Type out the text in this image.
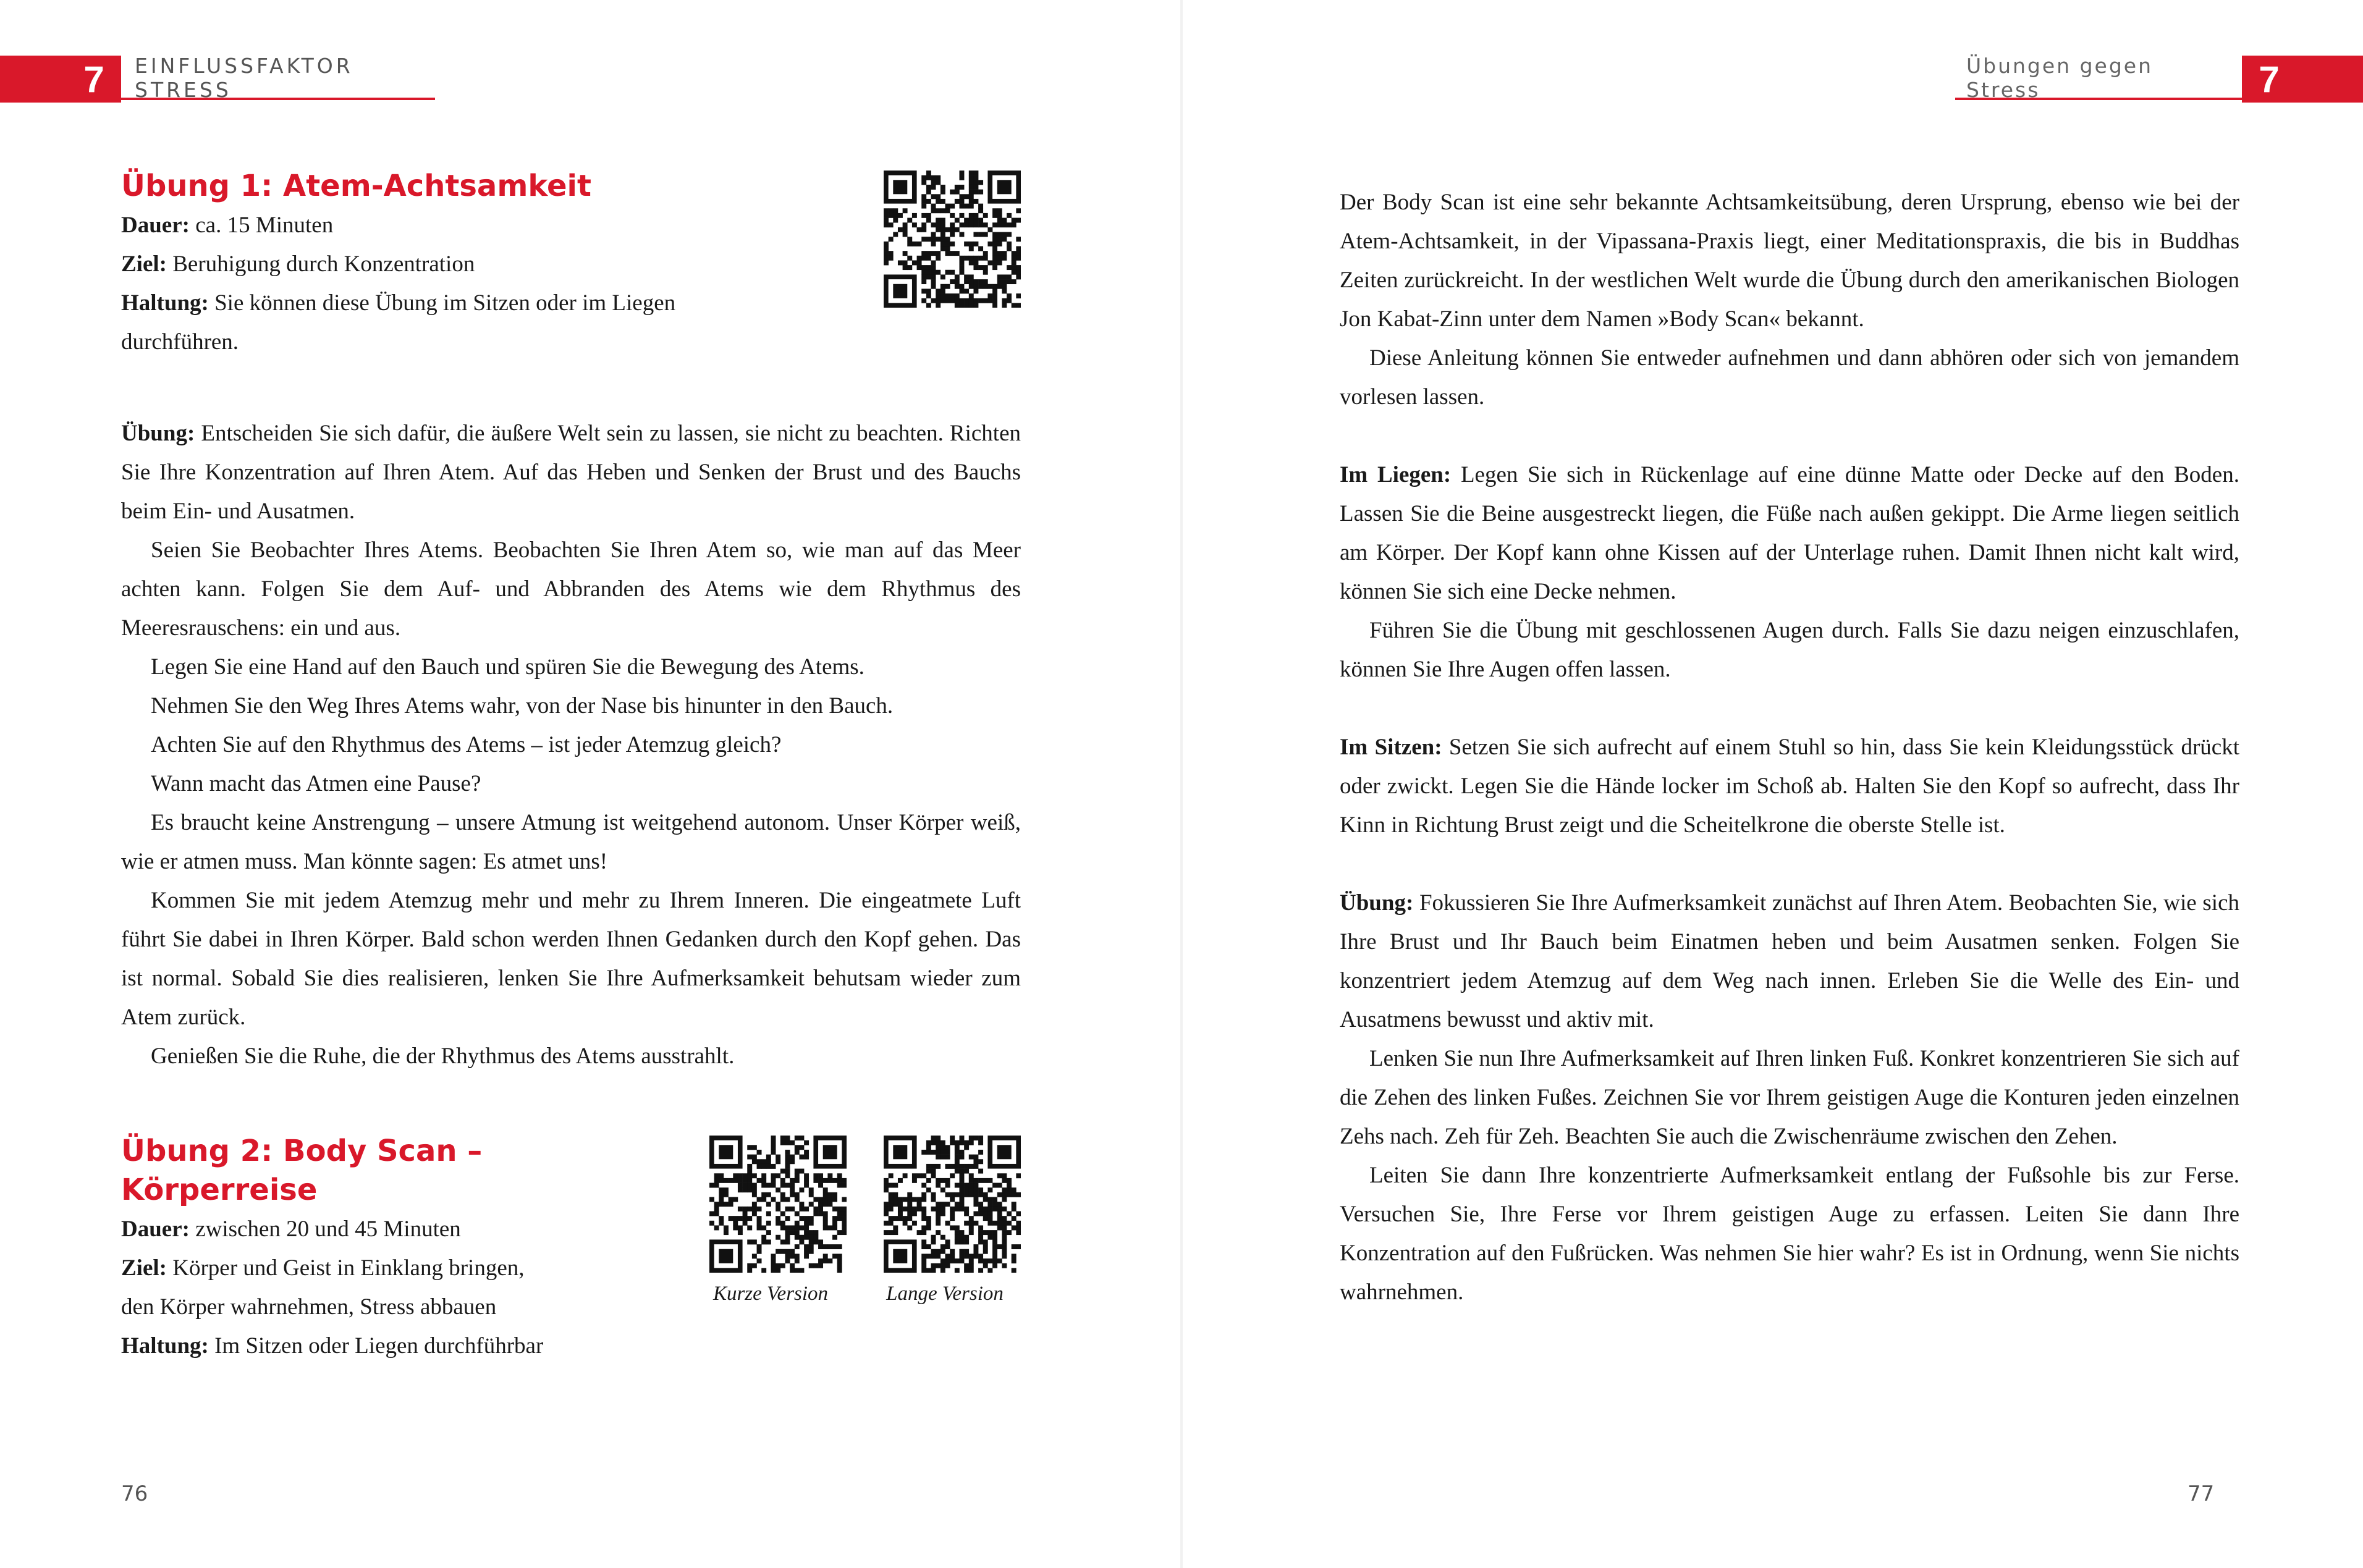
7	EINFLUSSFAKTOR STRESS
Übung 1: Atem-Achtsamkeit

Dauer: ca. 15 Minuten

Ziel: Beruhigung durch Konzentration

Haltung: Sie können diese Übung im Sitzen oder im Liegen

durchführen.

Übung: Entscheiden Sie sich dafür, die äußere Welt sein zu lassen, sie nicht zu beachten. Richten Sie Ihre Konzentration auf Ihren Atem. Auf das Heben und Senken der Brust und des Bauchs beim Ein- und Ausatmen.

Seien Sie Beobachter Ihres Atems. Beobachten Sie Ihren Atem so, wie man auf das Meer achten kann. Folgen Sie dem Auf- und Abbranden des Atems wie dem Rhythmus des Meeresrauschens: ein und aus.

Legen Sie eine Hand auf den Bauch und spüren Sie die Bewegung des Atems.

Nehmen Sie den Weg Ihres Atems wahr, von der Nase bis hinunter in den Bauch.

Achten Sie auf den Rhythmus des Atems – ist jeder Atemzug gleich?

Wann macht das Atmen eine Pause?

Es braucht keine Anstrengung – unsere Atmung ist weitgehend autonom. Unser Körper weiß, wie er atmen muss. Man könnte sagen: Es atmet uns!

Kommen Sie mit jedem Atemzug mehr und mehr zu Ihrem Inneren. Die eingeatmete Luft führt Sie dabei in Ihren Körper. Bald schon werden Ihnen Gedanken durch den Kopf gehen. Das ist normal. Sobald Sie dies realisieren, lenken Sie Ihre Aufmerksamkeit behutsam wieder zum Atem zurück.

Genießen Sie die Ruhe, die der Rhythmus des Atems ausstrahlt.

Übung 2: Body Scan – Körperreise

Dauer: zwischen 20 und 45 Minuten

Ziel: Körper und Geist in Einklang bringen,

den Körper wahrnehmen, Stress abbauen

Haltung: Im Sitzen oder Liegen durchführbar

Kurze Version	Lange Version
76
7
Übungen gegen Stress

Der Body Scan ist eine sehr bekannte Achtsamkeitsübung, deren Ursprung, ebenso wie bei der Atem-Achtsamkeit, in der Vipassana-Praxis liegt, einer Meditationspraxis, die bis in Buddhas Zeiten zurückreicht. In der westlichen Welt wurde die Übung durch den amerikanischen Biologen Jon Kabat-Zinn unter dem Namen »Body Scan« bekannt.

Diese Anleitung können Sie entweder aufnehmen und dann abhören oder sich von jemandem vorlesen lassen.

Im Liegen: Legen Sie sich in Rückenlage auf eine dünne Matte oder Decke auf den Boden. Lassen Sie die Beine ausgestreckt liegen, die Füße nach außen gekippt. Die Arme liegen seitlich am Körper. Der Kopf kann ohne Kissen auf der Unterlage ruhen. Damit Ihnen nicht kalt wird, können Sie sich eine Decke nehmen.

Führen Sie die Übung mit geschlossenen Augen durch. Falls Sie dazu neigen einzuschlafen, können Sie Ihre Augen offen lassen.

Im Sitzen: Setzen Sie sich aufrecht auf einem Stuhl so hin, dass Sie kein Kleidungsstück drückt oder zwickt. Legen Sie die Hände locker im Schoß ab. Halten Sie den Kopf so aufrecht, dass Ihr Kinn in Richtung Brust zeigt und die Scheitelkrone die oberste Stelle ist.

Übung: Fokussieren Sie Ihre Aufmerksamkeit zunächst auf Ihren Atem. Beobachten Sie, wie sich Ihre Brust und Ihr Bauch beim Einatmen heben und beim Ausatmen senken. Folgen Sie konzentriert jedem Atemzug auf dem Weg nach innen. Erleben Sie die Welle des Ein- und Ausatmens bewusst und aktiv mit.

Lenken Sie nun Ihre Aufmerksamkeit auf Ihren linken Fuß. Konkret konzentrieren Sie sich auf die Zehen des linken Fußes. Zeichnen Sie vor Ihrem geistigen Auge die Konturen jeden einzelnen Zehs nach. Zeh für Zeh. Beachten Sie auch die Zwischenräume zwischen den Zehen.

Leiten Sie dann Ihre konzentrierte Aufmerksamkeit entlang der Fußsohle bis zur Ferse. Versuchen Sie, Ihre Ferse vor Ihrem geistigen Auge zu erfassen. Leiten Sie dann Ihre Konzentration auf den Fußrücken. Was nehmen Sie hier wahr? Es ist in Ordnung, wenn Sie nichts wahrnehmen.

77
